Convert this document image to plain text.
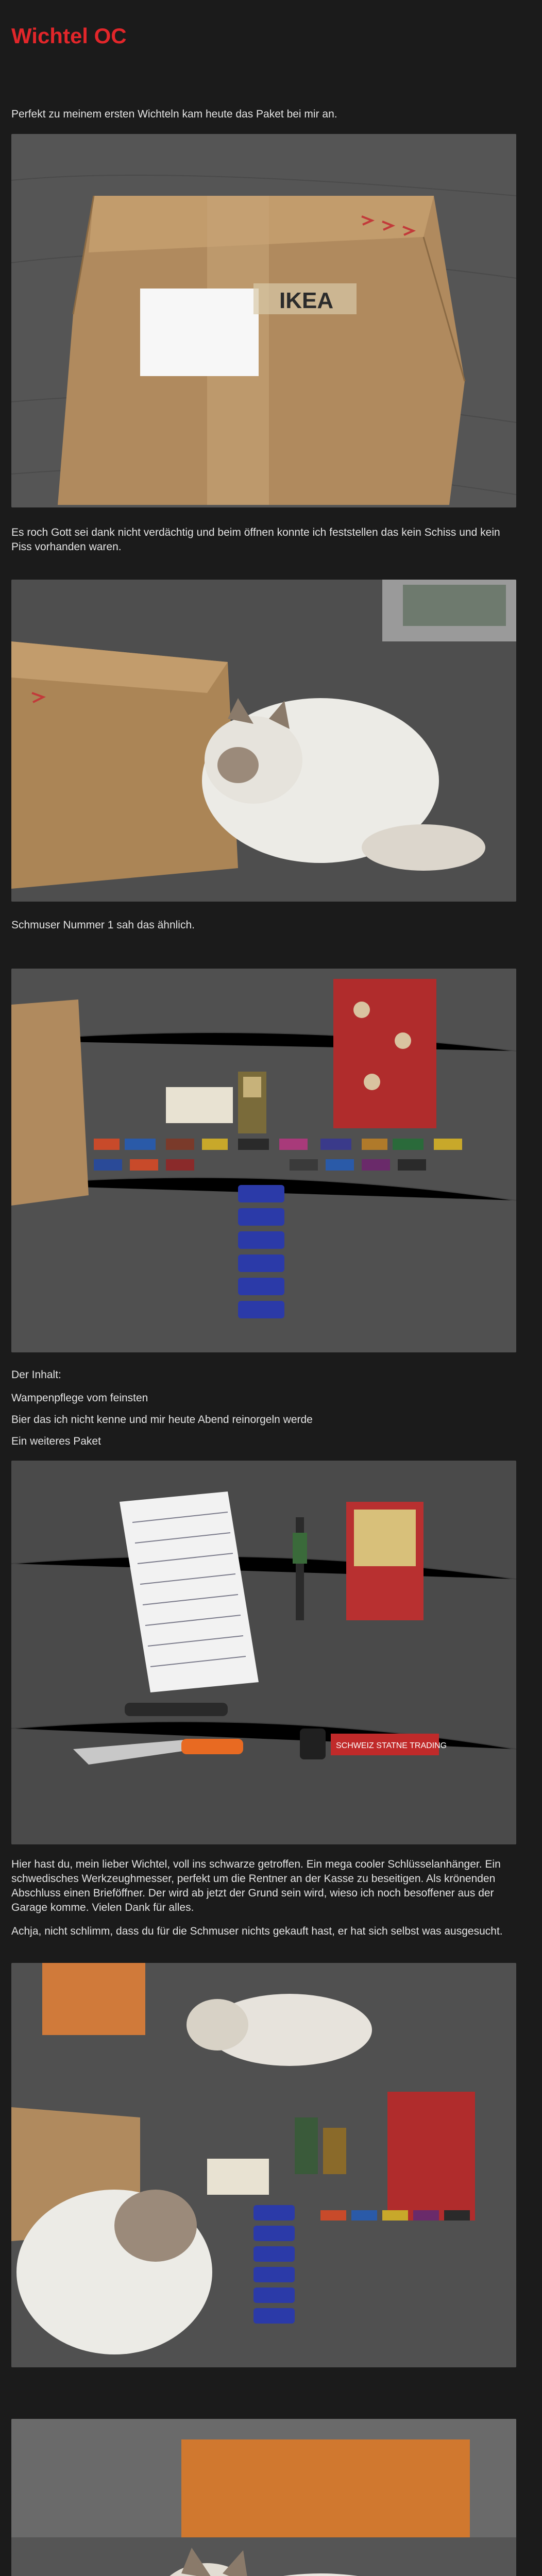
Wichtel OC
Perfekt zu meinem ersten Wichteln kam heute das Paket bei mir an.
IKEA
Es roch Gott sei dank nicht verdächtig und beim öffnen konnte ich feststellen das kein Schiss und kein Piss vorhanden waren.
Schmuser Nummer 1 sah das ähnlich.
Der Inhalt:
Wampenpflege vom feinsten
Bier das ich nicht kenne und mir heute Abend reinorgeln werde
Ein weiteres Paket
SCHWEIZ STATNE TRADING
Hier hast du, mein lieber Wichtel, voll ins schwarze getroffen. Ein mega cooler Schlüsselanhänger. Ein schwedisches Werkzeughmesser, perfekt um die Rentner an der Kasse zu beseitigen. Als krönenden Abschluss einen Brieföffner. Der wird ab jetzt der Grund sein wird, wieso ich noch besoffener aus der Garage komme. Vielen Dank für alles.
Achja, nicht schlimm, dass du für die Schmuser nichts gekauft hast, er hat sich selbst was ausgesucht.
